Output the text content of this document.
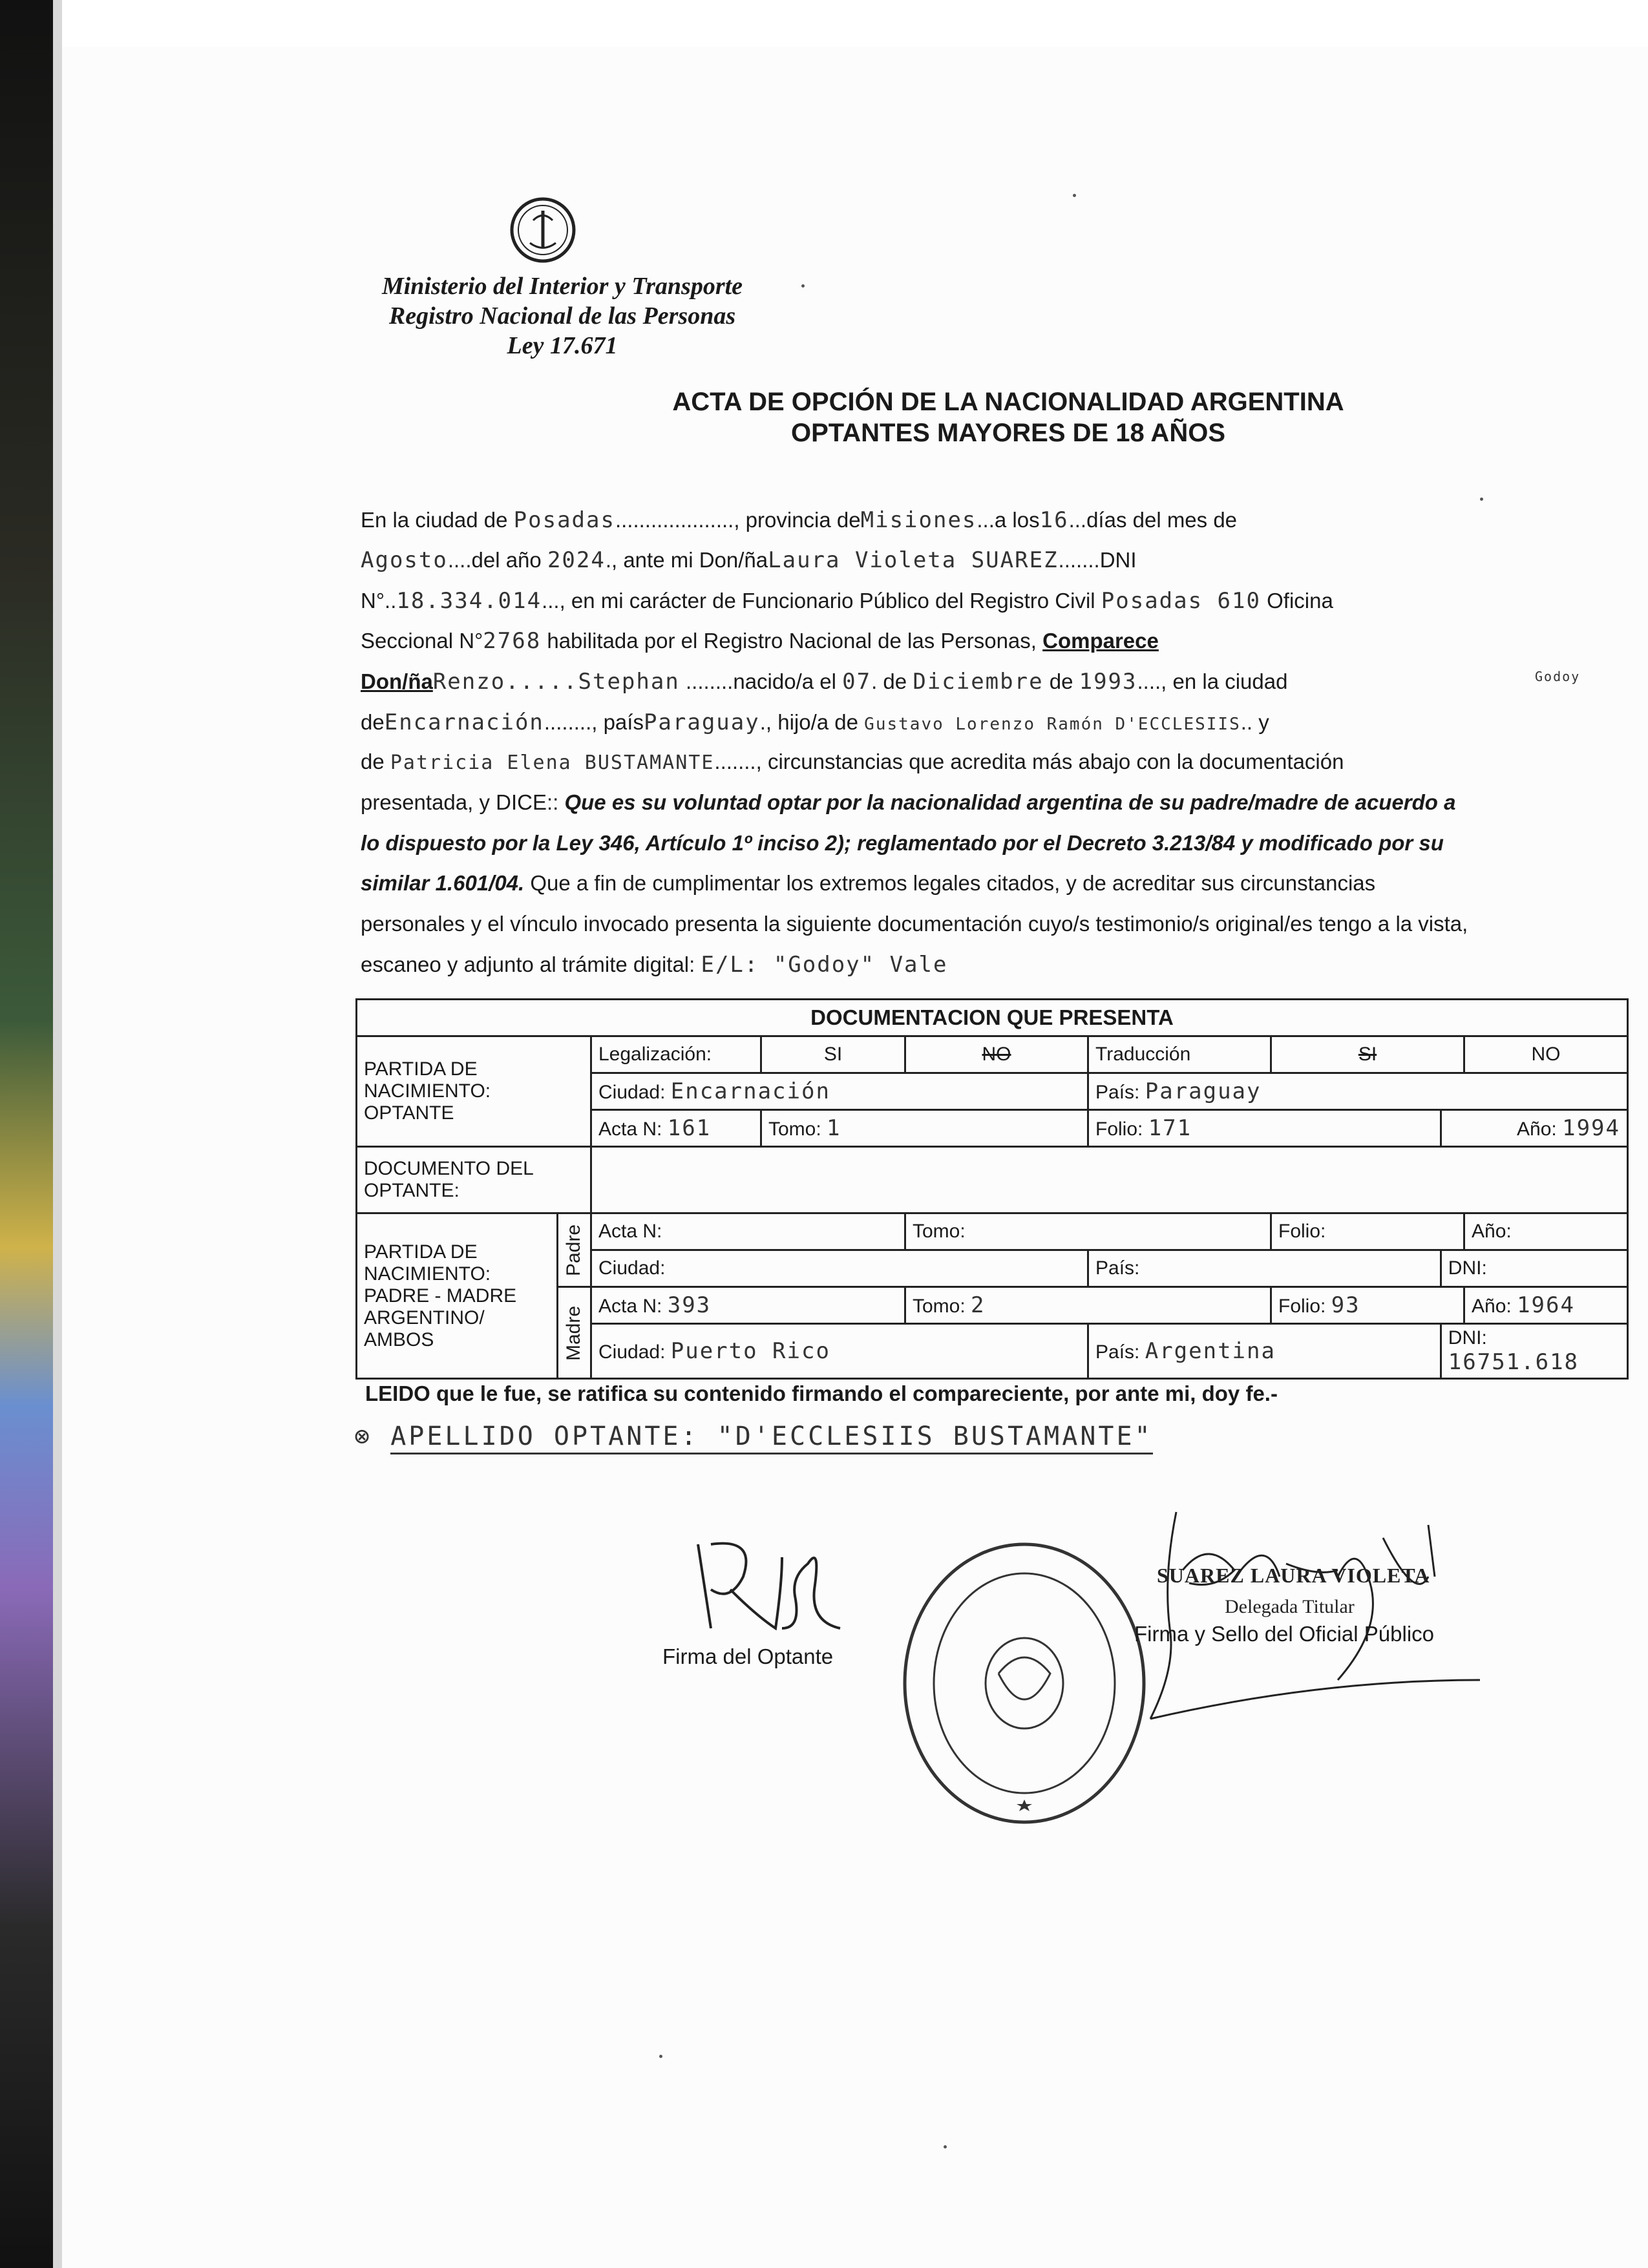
Ministerio del Interior y Transporte
Registro Nacional de las Personas
Ley 17.671
ACTA DE OPCIÓN DE LA NACIONALIDAD ARGENTINA
OPTANTES MAYORES DE 18 AÑOS
En la ciudad de Posadas...................., provincia deMisiones...a los16...días del mes de
Agosto....del año 2024., ante mi Don/ñaLaura Violeta SUAREZ.......DNI
N°..18.334.014..., en mi carácter de Funcionario Público del Registro Civil Posadas 610 Oficina
Seccional N°2768 habilitada por el Registro Nacional de las Personas, Comparece
Don/ñaRenzo.....Stephan ........nacido/a el 07. de Diciembre de 1993...., en la ciudad
deEncarnación........, paísParaguay., hijo/a de Gustavo Lorenzo Ramón D'ECCLESIIS.. y
Godoy
de Patricia Elena BUSTAMANTE......., circunstancias que acredita más abajo con la documentación
presentada, y DICE:: Que es su voluntad optar por la nacionalidad argentina de su padre/madre de acuerdo a
lo dispuesto por la Ley 346, Artículo 1º inciso 2); reglamentado por el Decreto 3.213/84 y modificado por su
similar 1.601/04. Que a fin de cumplimentar los extremos legales citados, y de acreditar sus circunstancias
personales y el vínculo invocado presenta la siguiente documentación cuyo/s testimonio/s original/es tengo a la vista,
escaneo y adjunto al trámite digital: E/L: "Godoy" Vale
DOCUMENTACION QUE PRESENTA								
PARTIDA DE NACIMIENTO: OPTANTE		Legalización:	SI	NO	Traducción	SI		NO
		Ciudad: Encarnación			País: Paraguay			
		Acta N: 161	Tomo: 1		Folio: 171		Año: 1994	
DOCUMENTO DEL OPTANTE:								
PARTIDA DE NACIMIENTO: PADRE - MADRE ARGENTINO/ AMBOS	Padre	Acta N:		Tomo:		Folio:		Año:
		Ciudad:			País:		DNI:	
	Madre	Acta N: 393		Tomo: 2		Folio: 93		Año: 1964
		Ciudad: Puerto Rico			País: Argentina		DNI: 16751.618	
LEIDO que le fue, se ratifica su contenido firmando el compareciente, por ante mi, doy fe.-
⊗ APELLIDO OPTANTE: "D'ECCLESIIS BUSTAMANTE"
Firma del Optante
SUAREZ LAURA VIOLETA
Delegada Titular
Firma y Sello del Oficial Público
